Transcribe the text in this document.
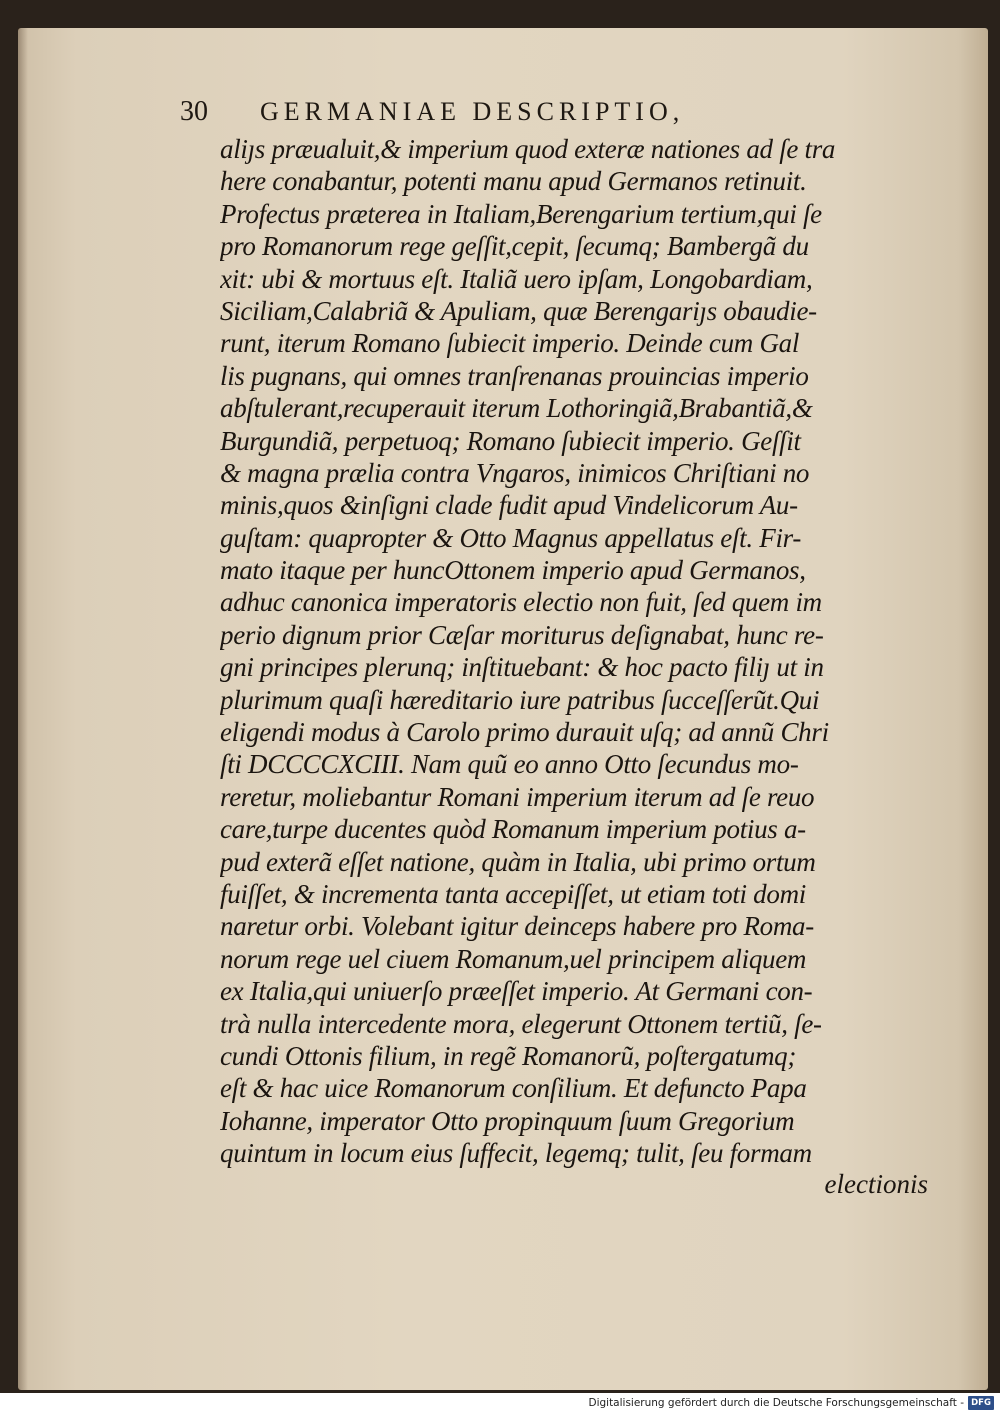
30 GERMANIAE DESCRIPTIO,
aliȷs præualuit,& imperium quod exteræ nationes ad ſe tra
here conabantur, potenti manu apud Germanos retinuit.
Profectus præterea in Italiam,Berengarium tertium,qui ſe
pro Romanorum rege geſſit,cepit, ſecumq; Bambergã du
xit: ubi & mortuus eſt. Italiã uero ipſam, Longobardiam,
Siciliam,Calabriã & Apuliam, quæ Berengariȷs obaudie-
runt, iterum Romano ſubiecit imperio. Deinde cum Gal
lis pugnans, qui omnes tranſrenanas prouincias imperio
abſtulerant,recuperauit iterum Lothoringiã,Brabantiã,&
Burgundiã, perpetuoq; Romano ſubiecit imperio. Geſſit
& magna prælia contra Vngaros, inimicos Chriſtiani no
minis,quos &inſigni clade fudit apud Vindelicorum Au-
guſtam: quapropter & Otto Magnus appellatus eſt. Fir-
mato itaque per huncOttonem imperio apud Germanos,
adhuc canonica imperatoris electio non fuit, ſed quem im
perio dignum prior Cæſar moriturus deſignabat, hunc re-
gni principes plerunq; inſtituebant: & hoc pacto filiȷ ut in
plurimum quaſi hæreditario iure patribus ſucceſſerũt.Qui
eligendi modus à Carolo primo durauit uſq; ad annũ Chri
ſti DCCCCXCIII. Nam quũ eo anno Otto ſecundus mo-
reretur, moliebantur Romani imperium iterum ad ſe reuo
care,turpe ducentes quòd Romanum imperium potius a-
pud exterã eſſet natione, quàm in Italia, ubi primo ortum
fuiſſet, & incrementa tanta accepiſſet, ut etiam toti domi
naretur orbi. Volebant igitur deinceps habere pro Roma-
norum rege uel ciuem Romanum,uel principem aliquem
ex Italia,qui uniuerſo præeſſet imperio. At Germani con-
trà nulla intercedente mora, elegerunt Ottonem tertiũ, ſe-
cundi Ottonis filium, in regẽ Romanorũ, poſtergatumq;
eſt & hac uice Romanorum conſilium. Et defuncto Papa
Iohanne, imperator Otto propinquum ſuum Gregorium
quintum in locum eius ſuffecit, legemq; tulit, ſeu formam
electionis
Digitalisierung gefördert durch die Deutsche Forschungsgemeinschaft - DFG
